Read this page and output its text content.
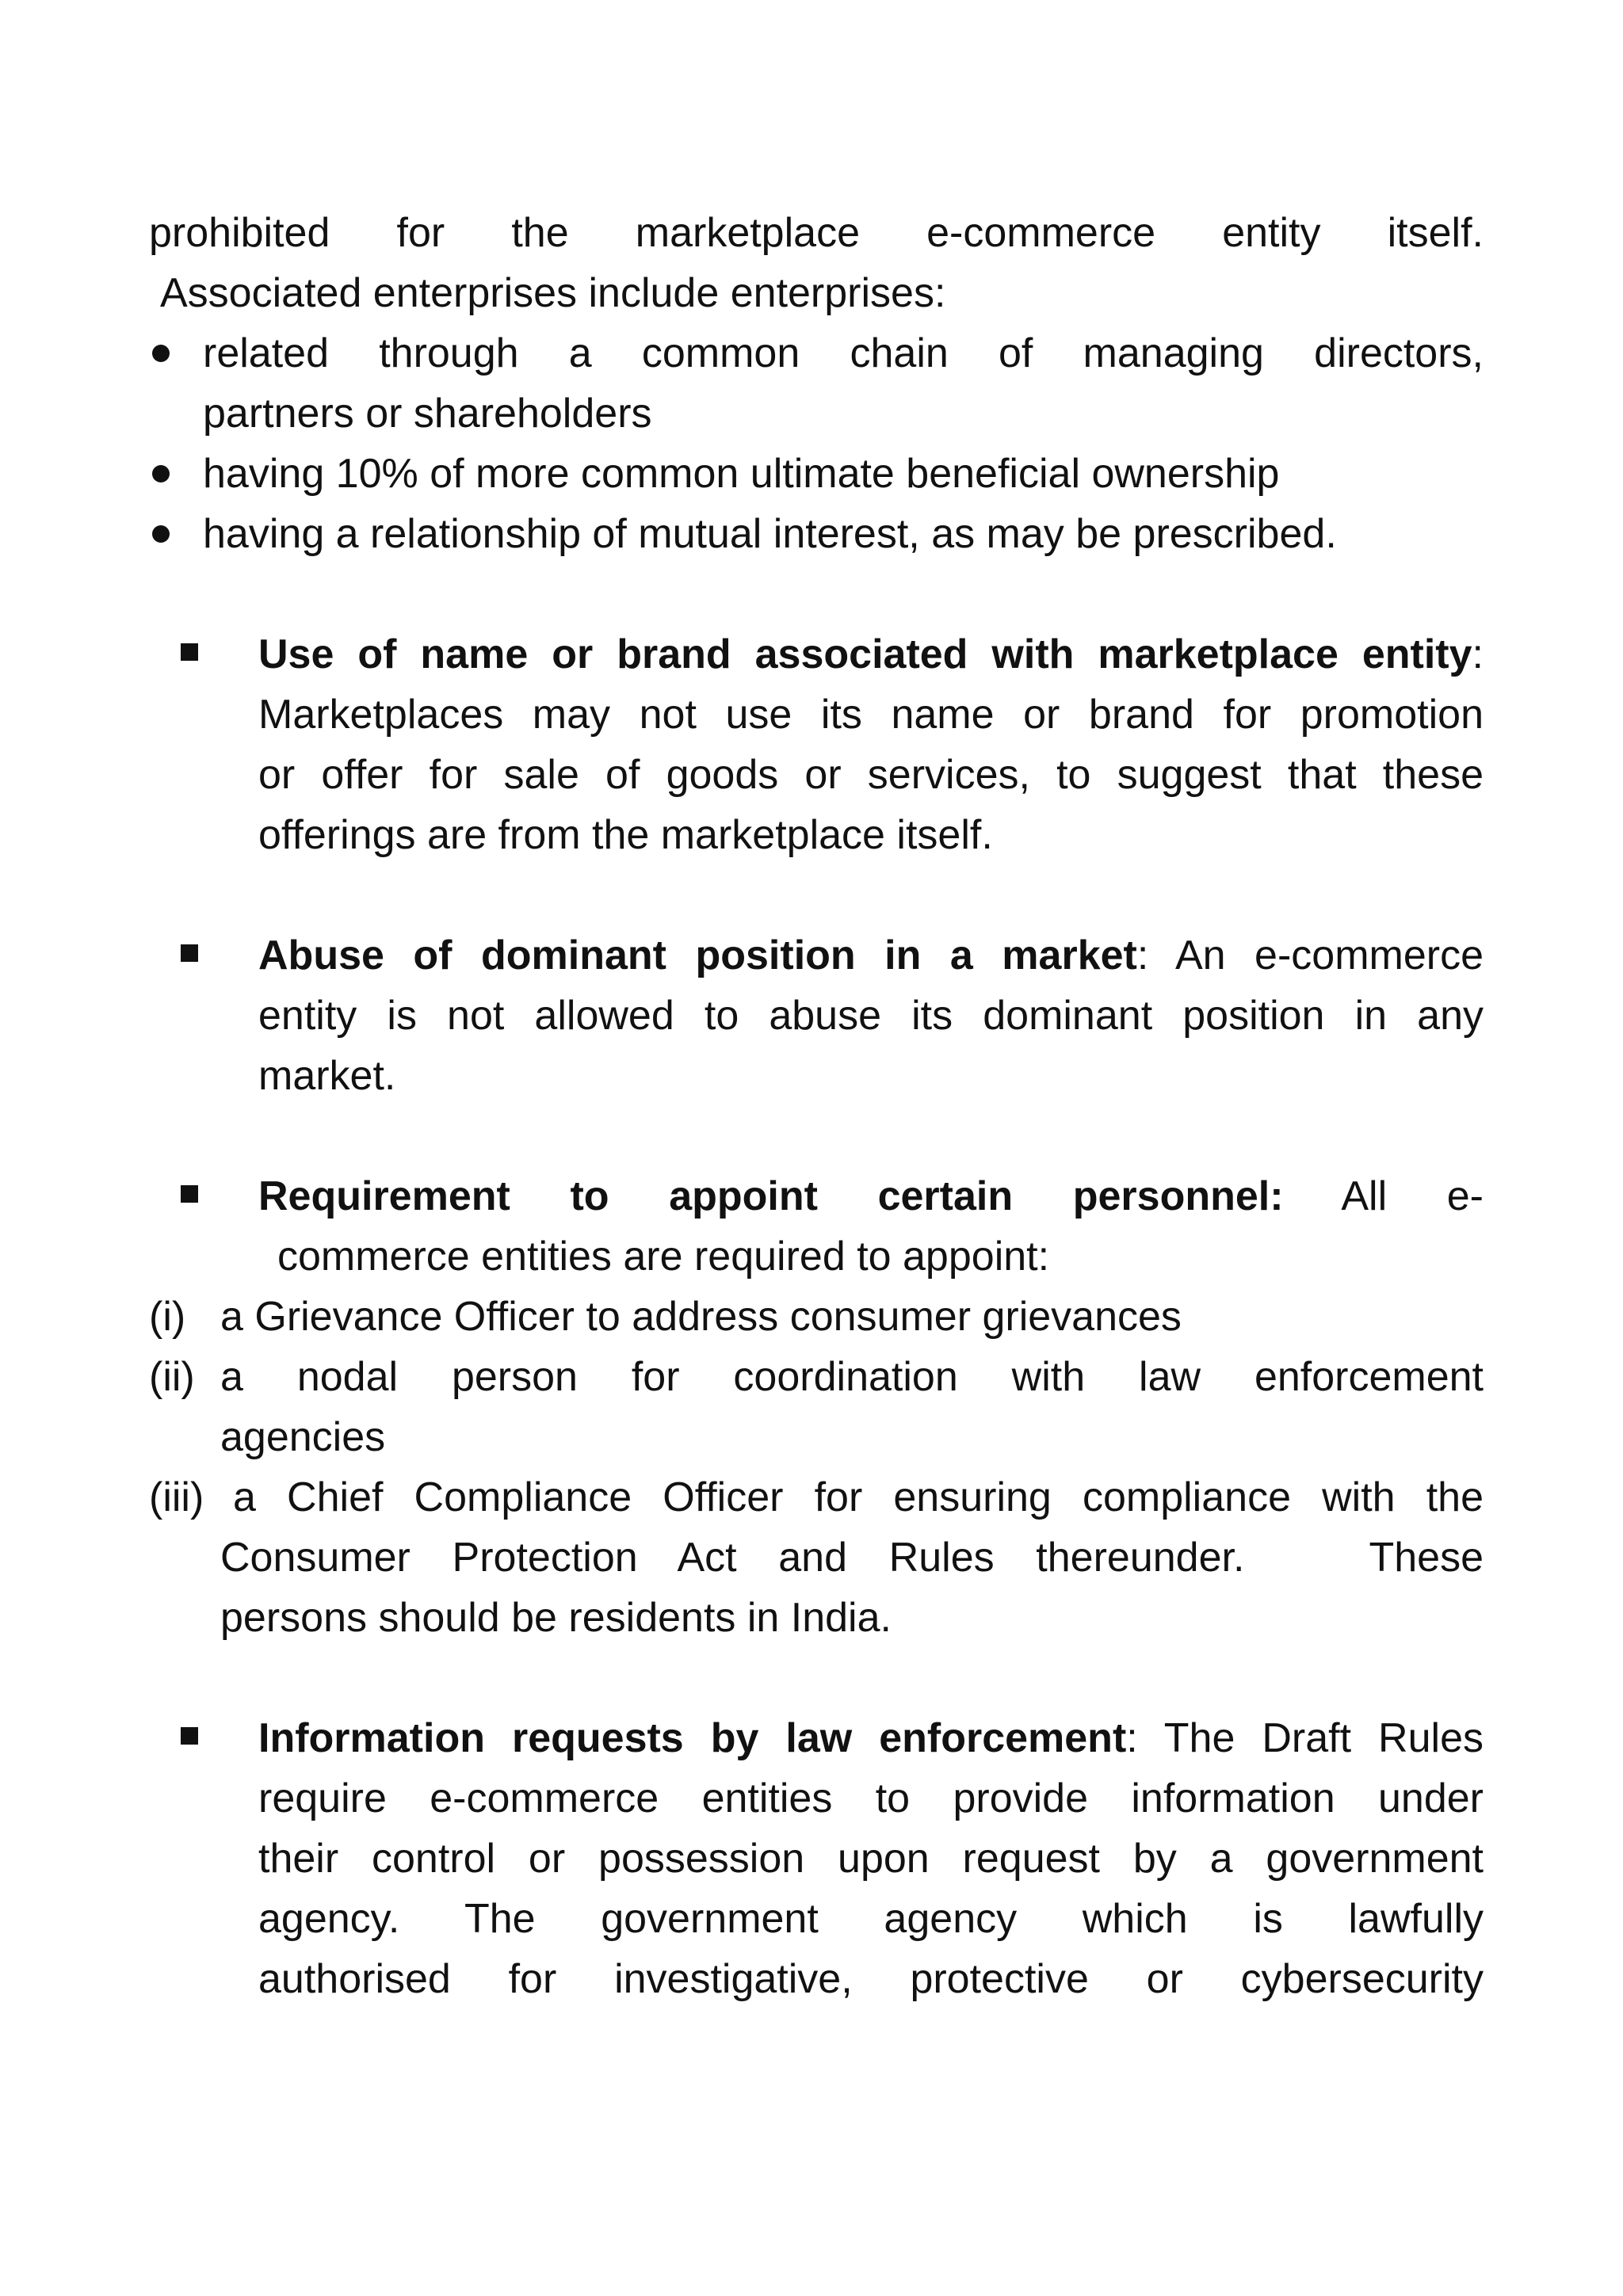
prohibited for the marketplace e-commerce entity itself.

Associated enterprises include enterprises:

related through a common chain of managing directors,
partners or shareholders
having 10% of more common ultimate beneficial ownership
having a relationship of mutual interest, as may be prescribed.
Use of name or brand associated with marketplace entity:
Marketplaces may not use its name or brand for promotion
or offer for sale of goods or services, to suggest that these
offerings are from the marketplace itself.
Abuse of dominant position in a market: An e-commerce
entity is not allowed to abuse its dominant position in any
market.
Requirement to appoint certain personnel: All e-
commerce entities are required to appoint:
(i) a Grievance Officer to address consumer grievances
(ii) a nodal person for coordination with law enforcement
agencies
(iii) a Chief Compliance Officer for ensuring compliance with the
Consumer Protection Act and Rules thereunder.   These
persons should be residents in India.
Information requests by law enforcement: The Draft Rules
require e-commerce entities to provide information under
their control or possession upon request by a government
agency. The government agency which is lawfully
authorised for investigative, protective or cybersecurity
